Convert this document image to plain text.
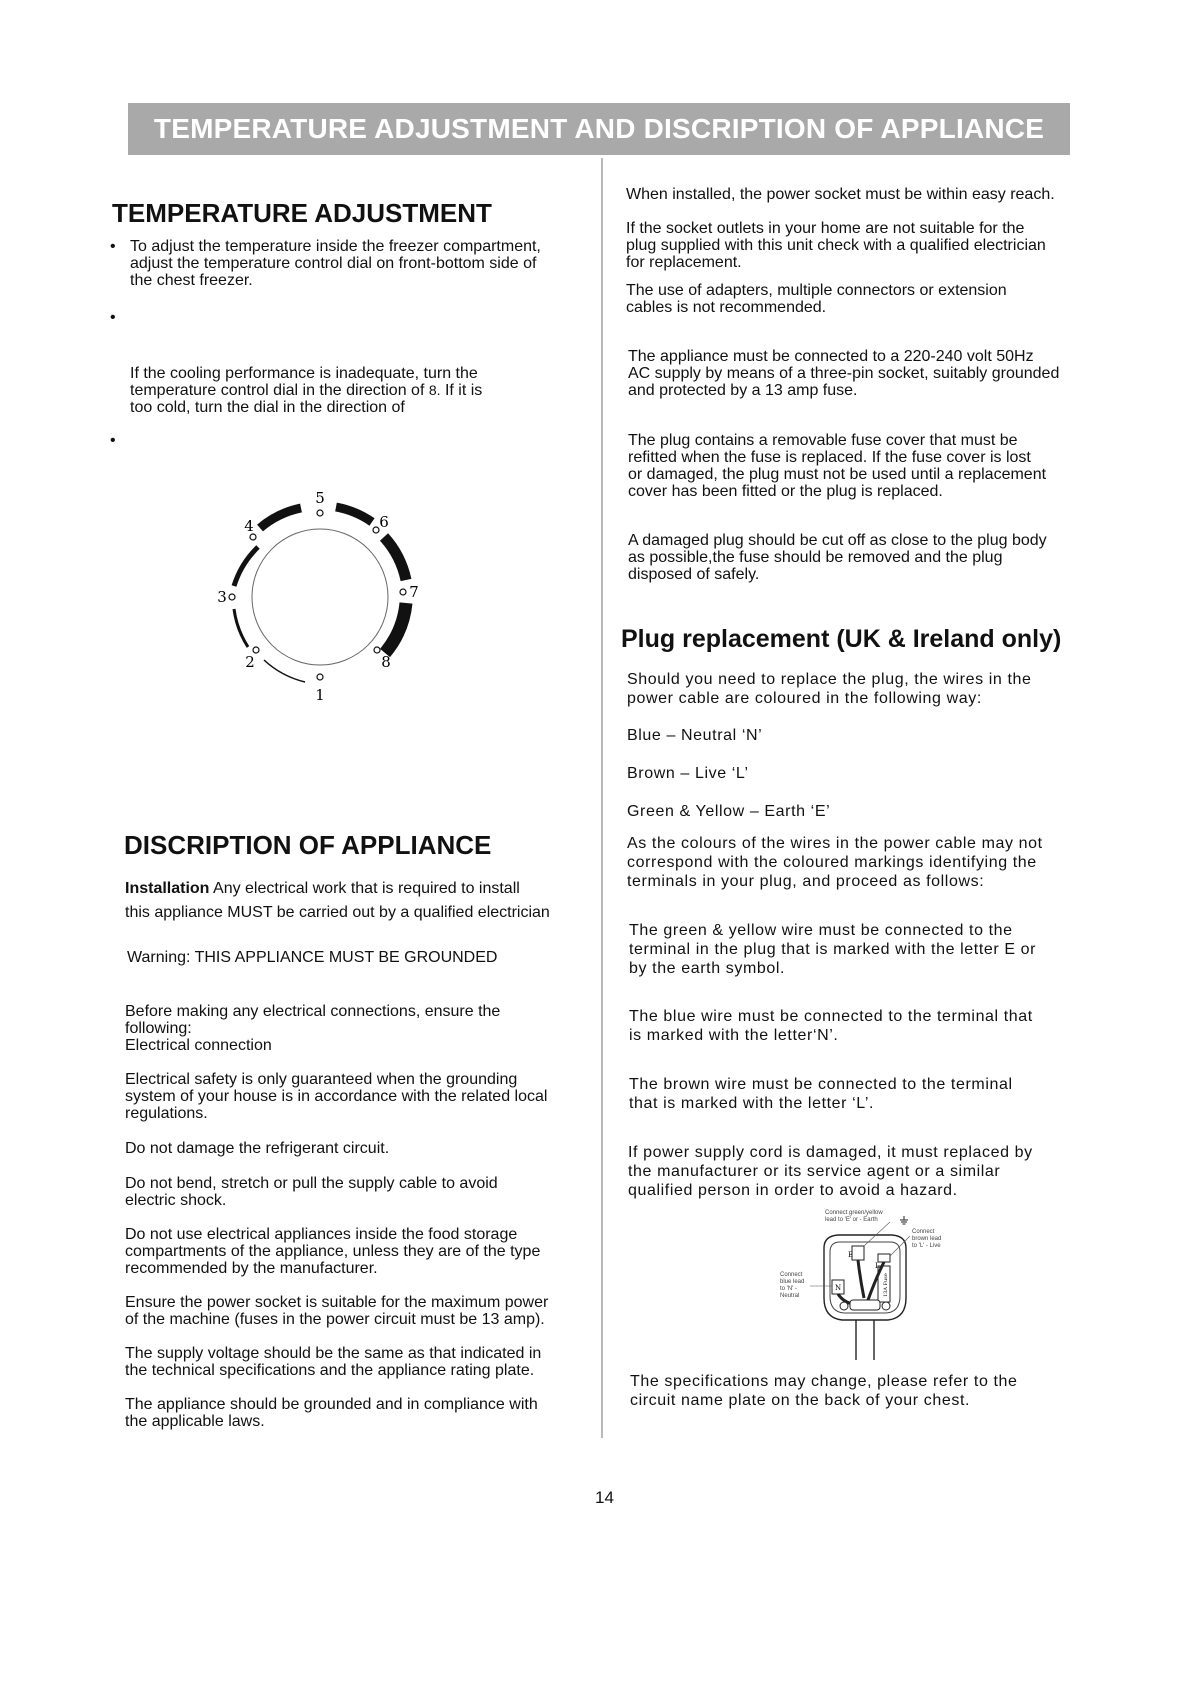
TEMPERATURE ADJUSTMENT AND DISCRIPTION OF APPLIANCE
TEMPERATURE ADJUSTMENT
• To adjust the temperature inside the freezer compartment,
adjust the temperature control dial on front-bottom side of
the chest freezer.

•

If the cooling performance is inadequate, turn the
temperature control dial in the direction of 8. If it is
too cold, turn the dial in the direction of

•
1
2
3
4
5
6
7
8
DISCRIPTION OF APPLIANCE

Installation Any electrical work that is required to install

this appliance MUST be carried out by a qualified electrician

Warning: THIS APPLIANCE MUST BE GROUNDED

Before making any electrical connections, ensure the
following:
Electrical connection

Electrical safety is only guaranteed when the grounding
system of your house is in accordance with the related local
regulations.

Do not damage the refrigerant circuit.

Do not bend, stretch or pull the supply cable to avoid
electric shock.

Do not use electrical appliances inside the food storage
compartments of the appliance, unless they are of the type
recommended by the manufacturer.

Ensure the power socket is suitable for the maximum power
of the machine (fuses in the power circuit must be 13 amp).

The supply voltage should be the same as that indicated in
the technical specifications and the appliance rating plate.

The appliance should be grounded and in compliance with
the applicable laws.

When installed, the power socket must be within easy reach.

If the socket outlets in your home are not suitable for the
plug supplied with this unit check with a qualified electrician
for replacement.

The use of adapters, multiple connectors or extension
cables is not recommended.

The appliance must be connected to a 220-240 volt 50Hz
AC supply by means of a three-pin socket, suitably grounded
and protected by a 13 amp fuse.

The plug contains a removable fuse cover that must be
refitted when the fuse is replaced. If the fuse cover is lost
or damaged, the plug must not be used until a replacement
cover has been fitted or the plug is replaced.

A damaged plug should be cut off as close to the plug body
as possible,the fuse should be removed and the plug
disposed of safely.

Plug replacement (UK & Ireland only)

Should you need to replace the plug, the wires in the
power cable are coloured in the following way:

Blue – Neutral ‘N’

Brown – Live ‘L’

Green & Yellow – Earth ‘E’

As the colours of the wires in the power cable may not
correspond with the coloured markings identifying the
terminals in your plug, and proceed as follows:

The green & yellow wire must be connected to the
terminal in the plug that is marked with the letter E or
by the earth symbol.

The blue wire must be connected to the terminal that
is marked with the letter‘N’.

The brown wire must be connected to the terminal
that is marked with the letter ‘L’.

If power supply cord is damaged, it must replaced by
the manufacturer or its service agent or a similar
qualified person in order to avoid a hazard.

Connect green/yellow lead to 'E' or - Earth
Connect brown lead to 'L' - Live
Connect blue lead to 'N' - Neutral
E
L
N	13A Fuse

The specifications may change, please refer to the
circuit name plate on the back of your chest.

14
